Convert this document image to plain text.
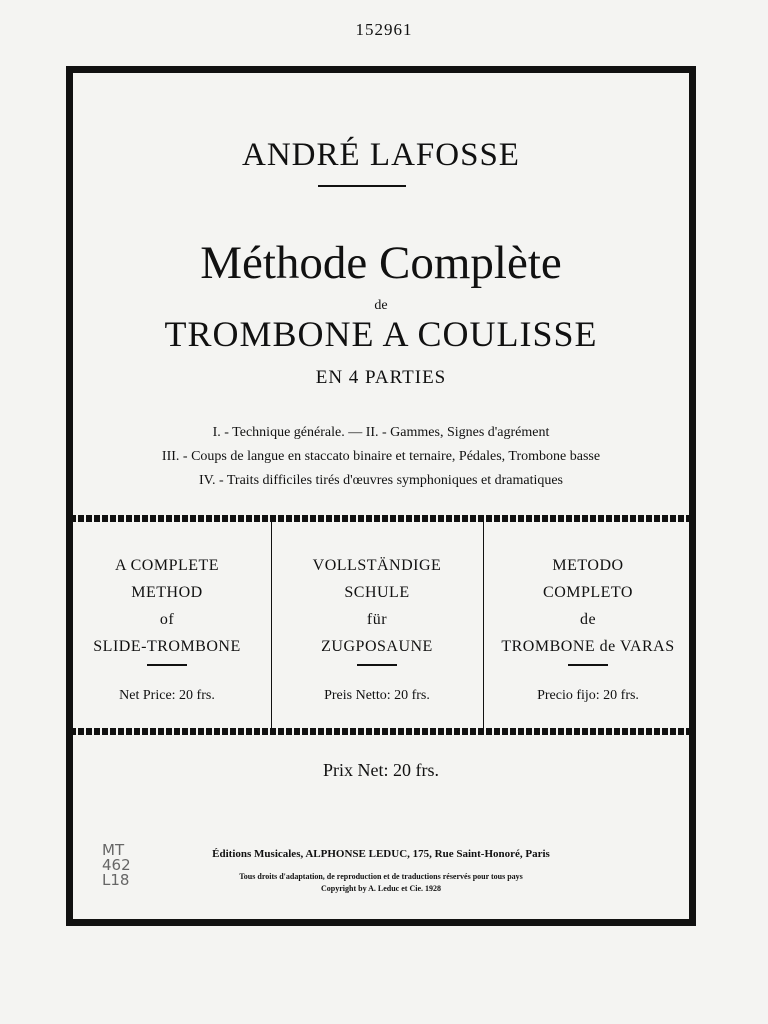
152961
ANDRÉ LAFOSSE
Méthode Complète
de
TROMBONE A COULISSE
EN 4 PARTIES
I. - Technique générale. — II. - Gammes, Signes d'agrément
III. - Coups de langue en staccato binaire et ternaire, Pédales, Trombone basse
IV. - Traits difficiles tirés d'œuvres symphoniques et dramatiques
A COMPLETE
METHOD
of
SLIDE-TROMBONE
Net Price: 20 frs.
VOLLSTÄNDIGE
SCHULE
für
ZUGPOSAUNE
Preis Netto: 20 frs.
METODO
COMPLETO
de
TROMBONE de VARAS
Precio fijo: 20 frs.
Prix Net: 20 frs.
MT
462
L18
Éditions Musicales, ALPHONSE LEDUC, 175, Rue Saint-Honoré, Paris
Tous droits d'adaptation, de reproduction et de traductions réservés pour tous pays
Copyright by A. Leduc et Cie. 1928
